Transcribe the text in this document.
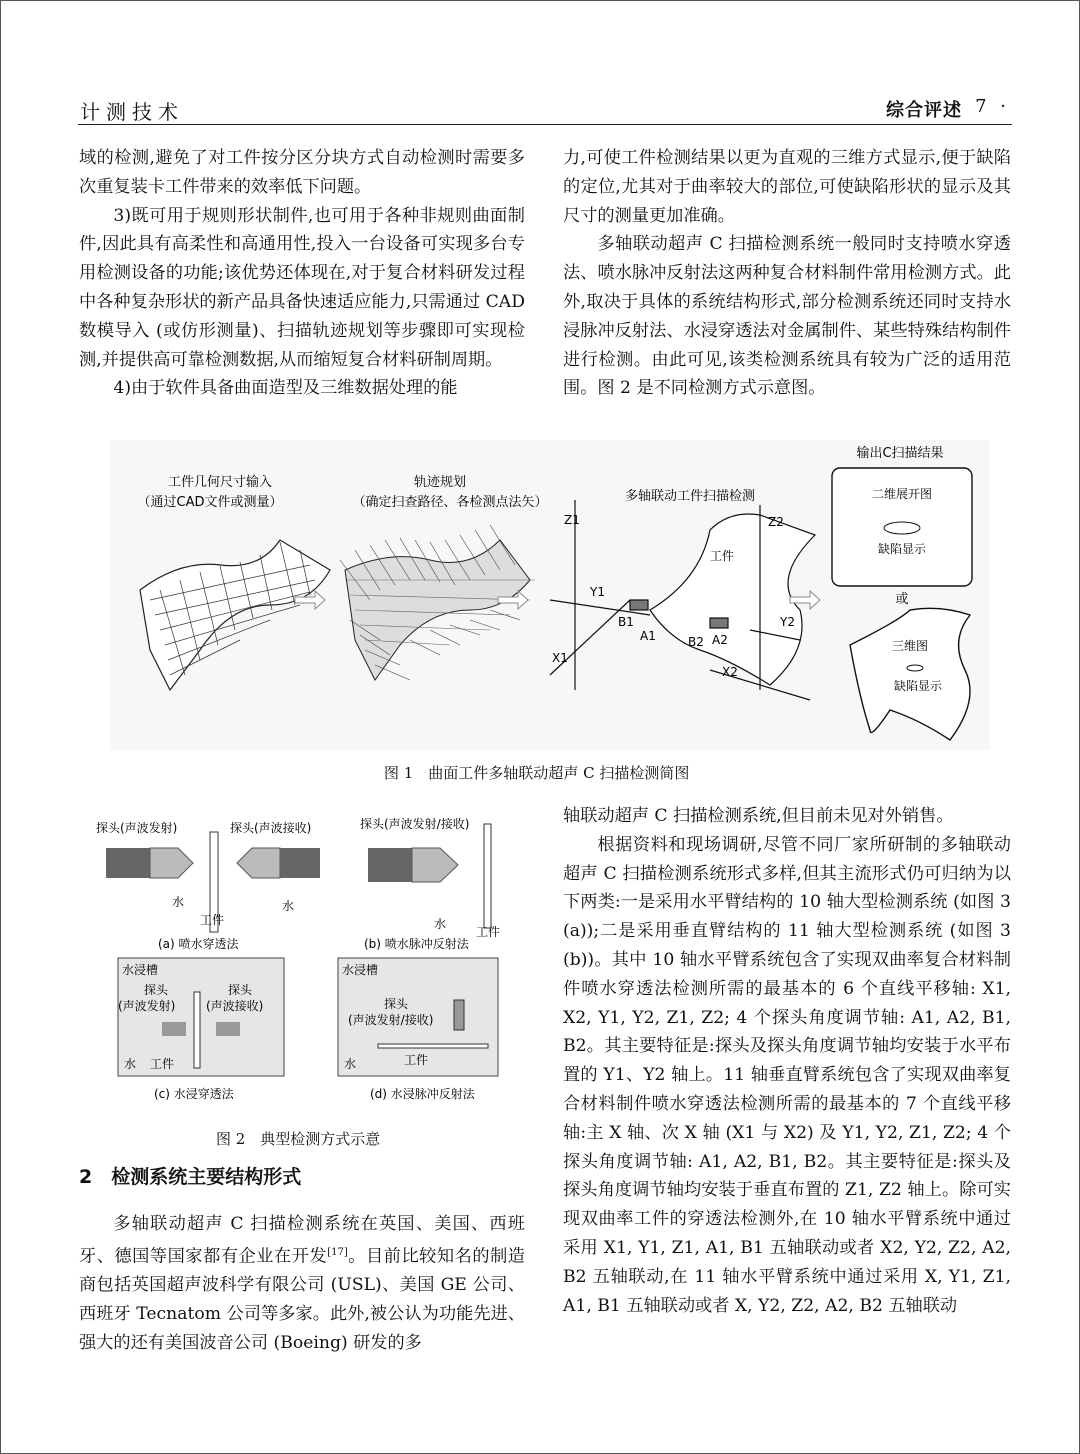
计测技术	综合评述
· 7 ·

域的检测,避免了对工件按分区分块方式自动检测时需要多次重复装卡工件带来的效率低下问题。

3)既可用于规则形状制件,也可用于各种非规则曲面制件,因此具有高柔性和高通用性,投入一台设备可实现多台专用检测设备的功能;该优势还体现在,对于复合材料研发过程中各种复杂形状的新产品具备快速适应能力,只需通过 CAD 数模导入 (或仿形测量)、扫描轨迹规划等步骤即可实现检测,并提供高可靠检测数据,从而缩短复合材料研制周期。

4)由于软件具备曲面造型及三维数据处理的能

力,可使工件检测结果以更为直观的三维方式显示,便于缺陷的定位,尤其对于曲率较大的部位,可使缺陷形状的显示及其尺寸的测量更加准确。

多轴联动超声 C 扫描检测系统一般同时支持喷水穿透法、喷水脉冲反射法这两种复合材料制件常用检测方式。此外,取决于具体的系统结构形式,部分检测系统还同时支持水浸脉冲反射法、水浸穿透法对金属制件、某些特殊结构制件进行检测。由此可见,该类检测系统具有较为广泛的适用范围。图 2 是不同检测方式示意图。

工件几何尺寸输入
（通过CAD文件或测量）
轨迹规划
（确定扫查路径、各检测点法矢）	多轴联动工件扫描检测
Z1	Z2
Y1
Y2
X1
X2
A1	A2
B1
B2
工件
输出C扫描结果
二维展开图
缺陷显示
或
三维图
缺陷显示
图 1　曲面工件多轴联动超声 C 扫描检测简图
探头(声波发射)	探头(声波接收)
水	水
工件
(a) 喷水穿透法
探头(声波发射/接收)
水
工件
(b) 喷水脉冲反射法
水浸槽
探头
(声波发射)
探头
(声波接收)
水 工件
(c) 水浸穿透法
水浸槽
探头
(声波发射/接收)
水	工件
(d) 水浸脉冲反射法
图 2　典型检测方式示意
2　检测系统主要结构形式

多轴联动超声 C 扫描检测系统在英国、美国、西班牙、德国等国家都有企业在开发[17]。目前比较知名的制造商包括英国超声波科学有限公司 (USL)、美国 GE 公司、西班牙 Tecnatom 公司等多家。此外,被公认为功能先进、强大的还有美国波音公司 (Boeing) 研发的多

轴联动超声 C 扫描检测系统,但目前未见对外销售。

根据资料和现场调研,尽管不同厂家所研制的多轴联动超声 C 扫描检测系统形式多样,但其主流形式仍可归纳为以下两类:一是采用水平臂结构的 10 轴大型检测系统 (如图 3 (a));二是采用垂直臂结构的 11 轴大型检测系统 (如图 3 (b))。其中 10 轴水平臂系统包含了实现双曲率复合材料制件喷水穿透法检测所需的最基本的 6 个直线平移轴: X1, X2, Y1, Y2, Z1, Z2; 4 个探头角度调节轴: A1, A2, B1, B2。其主要特征是:探头及探头角度调节轴均安装于水平布置的 Y1、Y2 轴上。11 轴垂直臂系统包含了实现双曲率复合材料制件喷水穿透法检测所需的最基本的 7 个直线平移轴:主 X 轴、次 X 轴 (X1 与 X2) 及 Y1, Y2, Z1, Z2; 4 个探头角度调节轴: A1, A2, B1, B2。其主要特征是:探头及探头角度调节轴均安装于垂直布置的 Z1, Z2 轴上。除可实现双曲率工件的穿透法检测外,在 10 轴水平臂系统中通过采用 X1, Y1, Z1, A1, B1 五轴联动或者 X2, Y2, Z2, A2, B2 五轴联动,在 11 轴水平臂系统中通过采用 X, Y1, Z1, A1, B1 五轴联动或者 X, Y2, Z2, A2, B2 五轴联动
